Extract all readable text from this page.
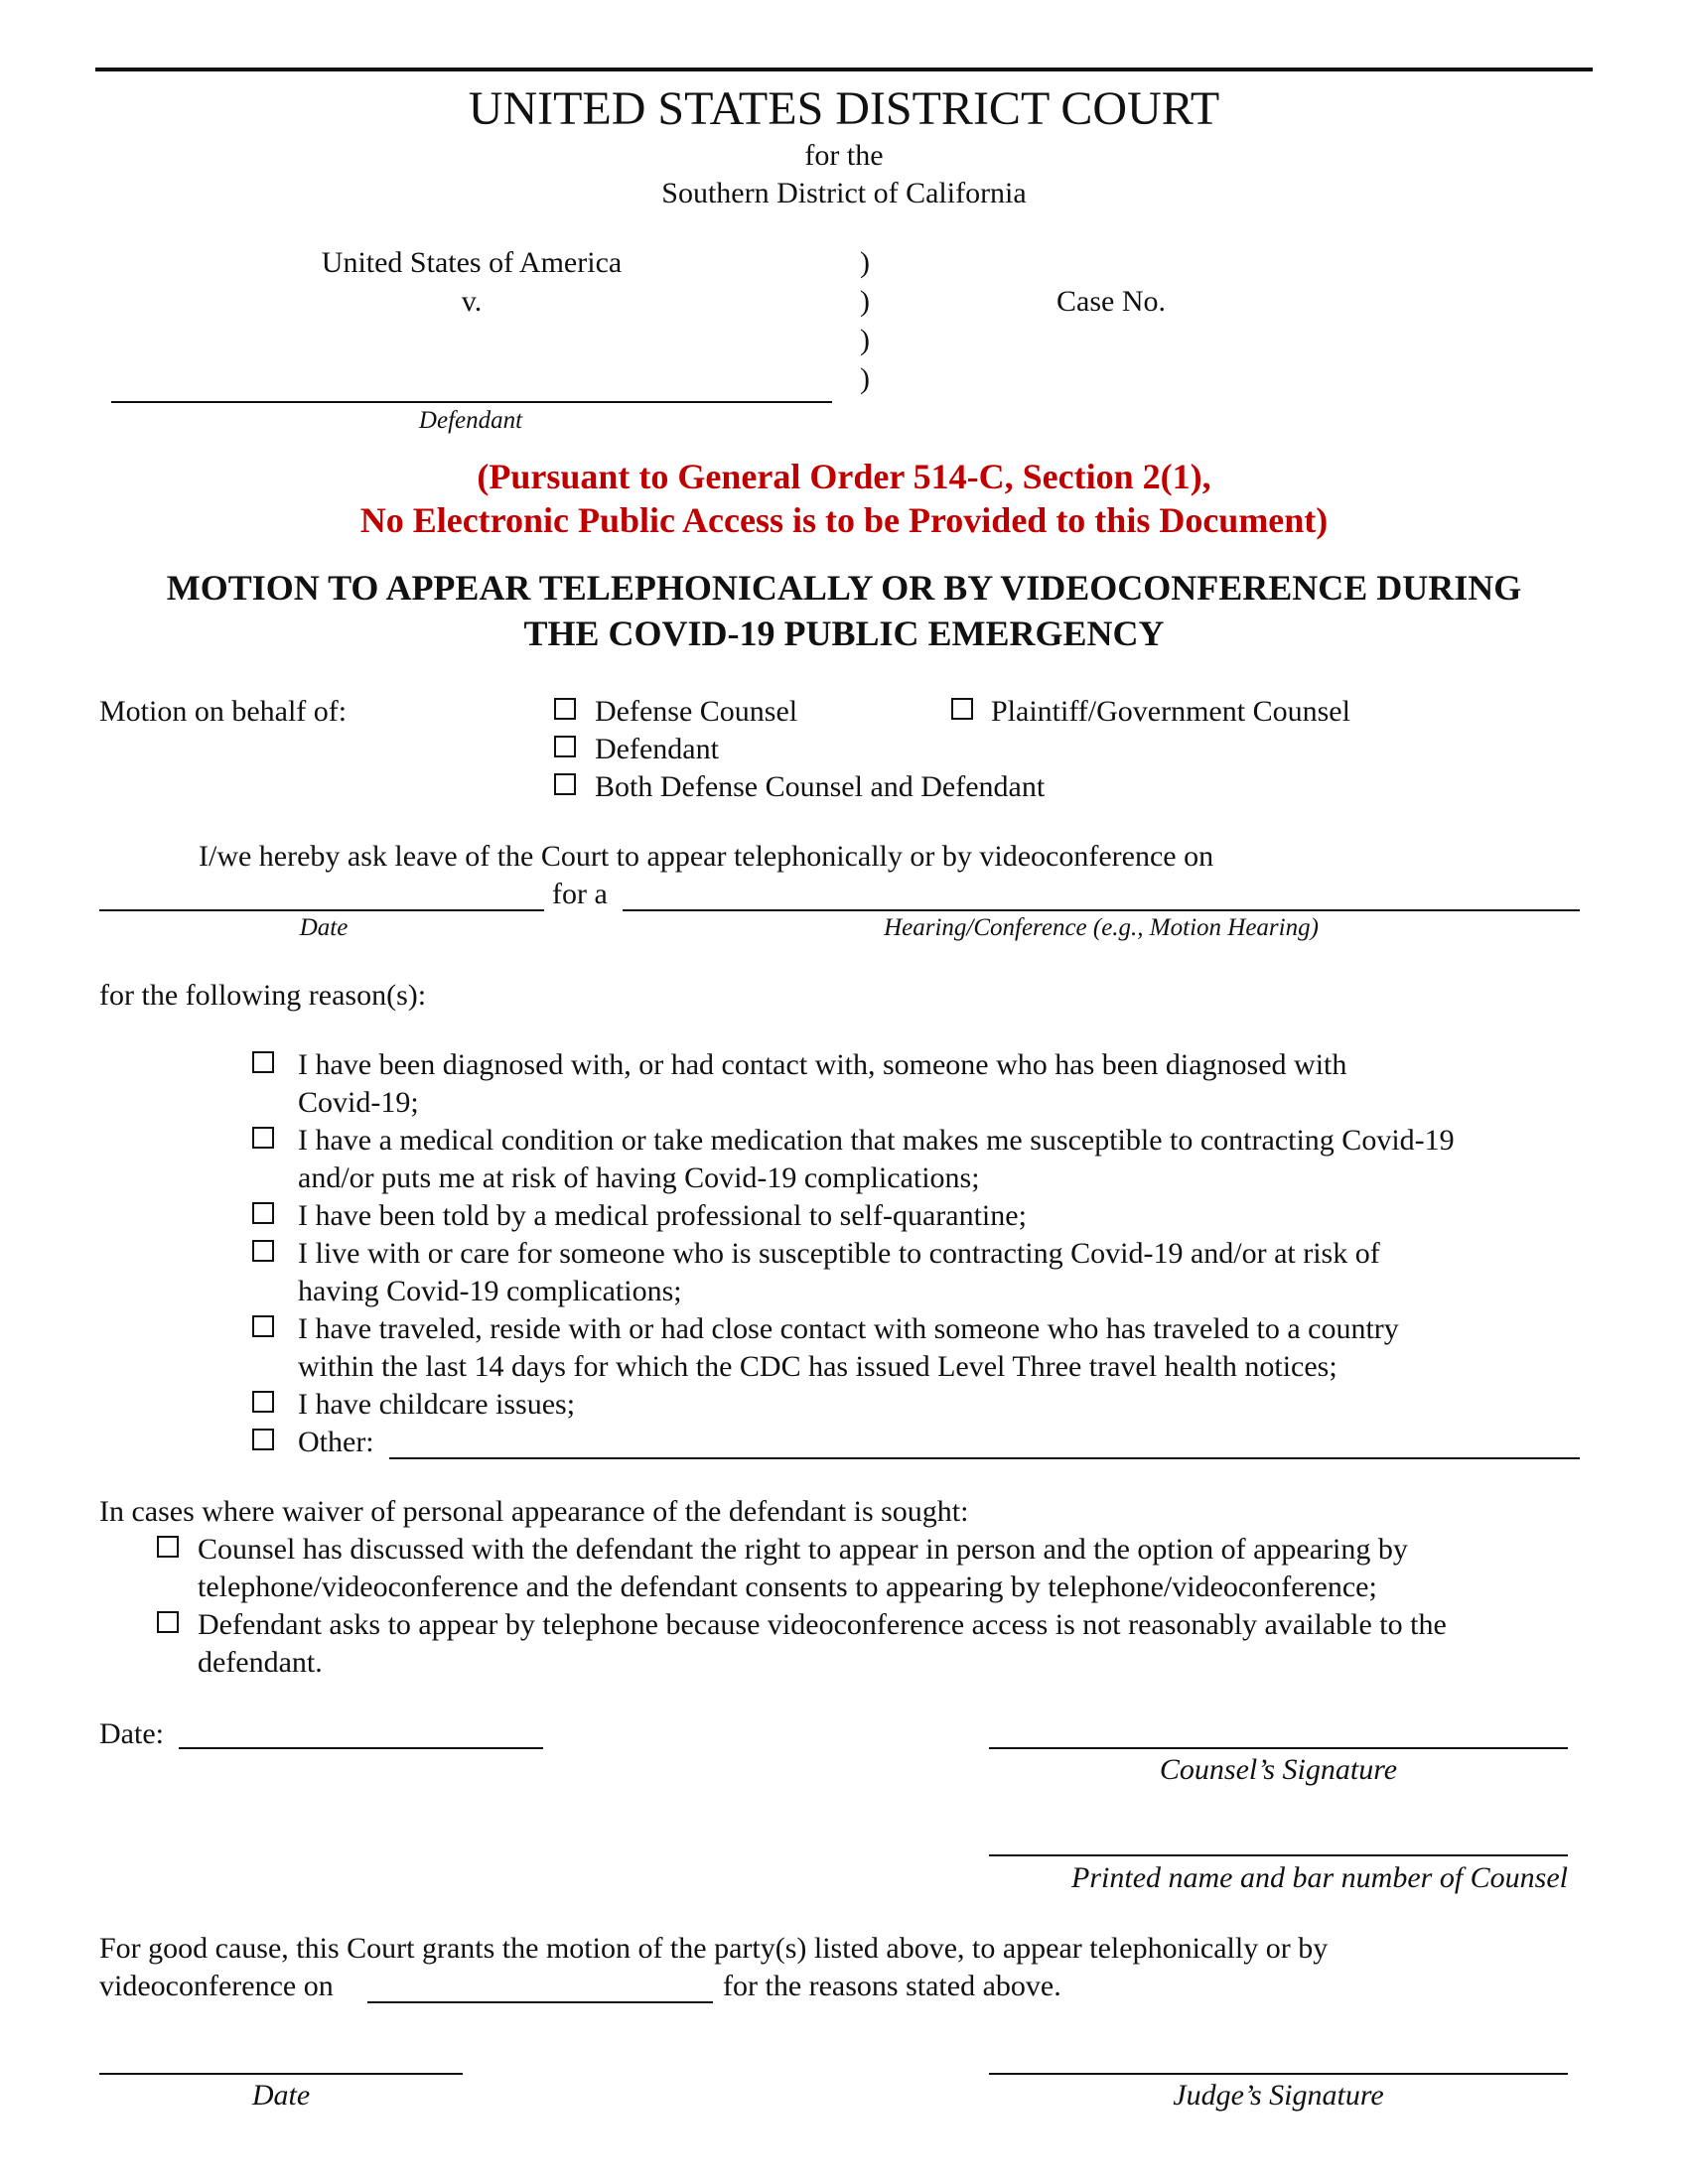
UNITED STATES DISTRICT COURT
for the
Southern District of California
United States of America
v.
)
)
)
)
Case No.
Defendant
(Pursuant to General Order 514-C, Section 2(1),
No Electronic Public Access is to be Provided to this Document)
MOTION TO APPEAR TELEPHONICALLY OR BY VIDEOCONFERENCE DURING
THE COVID-19 PUBLIC EMERGENCY
Motion on behalf of:	Defense Counsel	Plaintiff/Government Counsel
Defendant
Both Defense Counsel and Defendant
I/we hereby ask leave of the Court to appear telephonically or by videoconference on
for a
Date	Hearing/Conference (e.g., Motion Hearing)
for the following reason(s):
I have been diagnosed with, or had contact with, someone who has been diagnosed with
Covid-19;
I have a medical condition or take medication that makes me susceptible to contracting Covid-19
and/or puts me at risk of having Covid-19 complications;
I have been told by a medical professional to self-quarantine;
I live with or care for someone who is susceptible to contracting Covid-19 and/or at risk of
having Covid-19 complications;
I have traveled, reside with or had close contact with someone who has traveled to a country
within the last 14 days for which the CDC has issued Level Three travel health notices;
I have childcare issues;
Other:
In cases where waiver of personal appearance of the defendant is sought:
Counsel has discussed with the defendant the right to appear in person and the option of appearing by
telephone/videoconference and the defendant consents to appearing by telephone/videoconference;
Defendant asks to appear by telephone because videoconference access is not reasonably available to the
defendant.
Date:
Counsel’s Signature
Printed name and bar number of Counsel
For good cause, this Court grants the motion of the party(s) listed above, to appear telephonically or by
videoconference on	for the reasons stated above.
Date	Judge’s Signature
